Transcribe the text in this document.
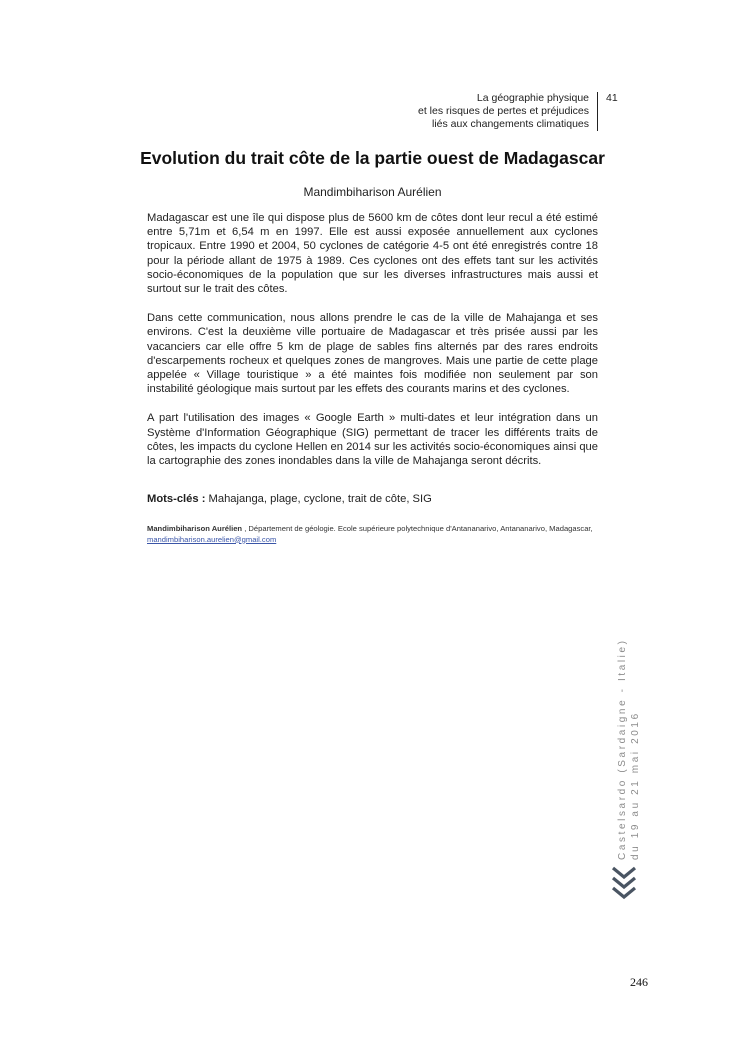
La géographie physique
et les risques de pertes et préjudices
liés aux changements climatiques
41
Evolution du trait côte de la partie ouest de Madagascar
Mandimbiharison Aurélien

Madagascar est une île qui dispose plus de 5600 km de côtes dont leur recul a été estimé entre 5,71m et 6,54 m en 1997. Elle est aussi exposée annuellement aux cyclones tropicaux. Entre 1990 et 2004, 50 cyclones de catégorie 4-5 ont été enregistrés contre 18 pour la période allant de 1975 à 1989. Ces cyclones ont des effets tant sur les activités socio-économiques de la population que sur les diverses infrastructures mais aussi et surtout sur le trait des côtes.

Dans cette communication, nous allons prendre le cas de la ville de Mahajanga et ses environs. C'est la deuxième ville portuaire de Madagascar et très prisée aussi par les vacanciers car elle offre 5 km de plage de sables fins alternés par des rares endroits d'escarpements rocheux et quelques zones de mangroves. Mais une partie de cette plage appelée « Village touristique » a été maintes fois modifiée non seulement par son instabilité géologique mais surtout par les effets des courants marins et des cyclones.

A part l'utilisation des images « Google Earth » multi-dates et leur intégration dans un Système d'Information Géographique (SIG) permettant de tracer les différents traits de côtes, les impacts du cyclone Hellen en 2014 sur les activités socio-économiques ainsi que la cartographie des zones inondables dans la ville de Mahajanga seront décrits.

Mots-clés : Mahajanga, plage, cyclone, trait de côte, SIG
Mandimbiharison Aurélien , Département de géologie. Ecole supérieure polytechnique d'Antananarivo, Antananarivo, Madagascar, mandimbiharison.aurelien@gmail.com
Castelsardo (Sardaigne - Italie) du 19 au 21 mai 2016
246
